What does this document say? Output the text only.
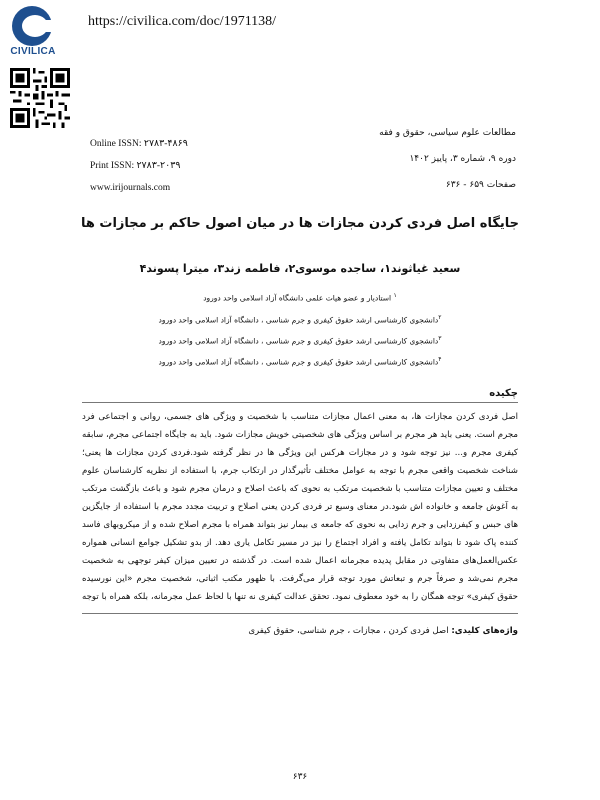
CIVILICA
https://civilica.com/doc/1971138/
Online ISSN: ۲۷۸۳-۴۸۶۹
Print ISSN: ۲۷۸۳-۲۰۳۹
www.irijournals.com
مطالعات علوم سیاسی، حقوق و فقه
دوره ۹، شماره ۳، پاییز ۱۴۰۲
صفحات ۶۵۹ - ۶۳۶
جایگاه اصل فردی کردن مجازات ها در میان اصول حاکم بر مجازات ها
سعید غیاثوند۱، ساجده موسوی۲، فاطمه زند۳، میترا پسوند۴
$^۱$ استادیار و عضو هیات علمی دانشگاه آزاد اسلامی واحد دورود
$^۲$دانشجوی کارشناسی ارشد حقوق کیفری و جرم شناسی ، دانشگاه آزاد اسلامی واحد دورود
$^۳$دانشجوی کارشناسی ارشد حقوق کیفری و جرم شناسی ، دانشگاه آزاد اسلامی واحد دورود
$^۴$دانشجوی کارشناسی ارشد حقوق کیفری و جرم شناسی ، دانشگاه آزاد اسلامی واحد دورود
چکیده
اصل فردی کردن مجازات ها، به معنی اعمال مجازات متناسب با شخصیت و ویژگی های جسمی، روانی و اجتماعی فرد مجرم است. یعنی باید هر مجرم بر اساس ویژگی های شخصیتی خویش مجازات شود. باید به جایگاه اجتماعی مجرم، سابقه کیفری مجرم و... نیز توجه شود و در مجازات هرکس این ویژگی ها در نظر گرفته شود.فردی کردن مجازات ها یعنی؛ شناخت شخصیت واقعی مجرم با توجه به عوامل مختلف تأثیرگذار در ارتکاب جرم، با استفاده از نظریه کارشناسان علوم مختلف و تعیین مجازات متناسب با شخصیت مرتکب به نحوی که باعث اصلاح و درمان مجرم شود و باعث بازگشت مرتکب به آغوش جامعه و خانواده اش شود.در معنای وسیع تر فردی کردن یعنی اصلاح و تربیت مجدد مجرم با استفاده از جایگزین های حبس و کیفرزدایی و جرم زدایی به نحوی که جامعه ی بیمار نیز بتواند همراه با مجرم اصلاح شده و از میکروبهای فاسد کننده پاک شود تا بتواند تکامل یافته و افراد اجتماع را نیز در مسیر تکامل یاری دهد. از بدو تشکیل جوامع انسانی همواره عکس‌العمل‌های متفاوتی در مقابل پدیده مجرمانه اعمال شده است. در گذشته در تعیین میزان کیفر توجهی به شخصیت مجرم نمی‌شد و صرفاً جرم و تبعاتش مورد توجه قرار می‌گرفت. با ظهور مکتب اثباتی، شخصیت مجرم «این نورسیده حقوق کیفری» توجه همگان را به خود معطوف نمود. تحقق عدالت کیفری نه تنها با لحاظ عمل مجرمانه، بلکه همراه با توجه
واژه‌های کلیدی: اصل فردی کردن ، مجازات ، جرم شناسی، حقوق کیفری
۶۳۶
